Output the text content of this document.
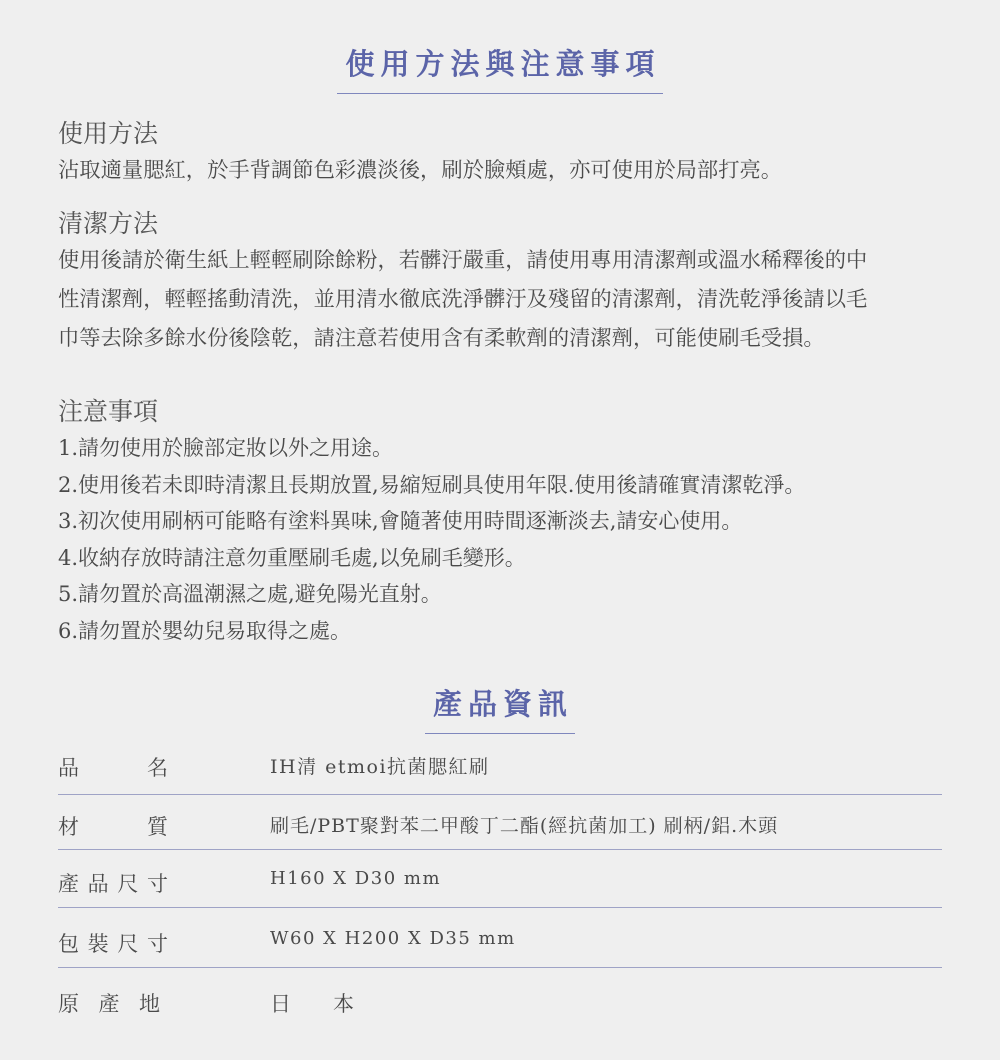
使用方法與注意事項
使用方法

沾取適量腮紅，於手背調節色彩濃淡後，刷於臉頰處，亦可使用於局部打亮。

清潔方法
使用後請於衛生紙上輕輕刷除餘粉，若髒汙嚴重，請使用專用清潔劑或溫水稀釋後的中
性清潔劑，輕輕搖動清洗，並用清水徹底洗淨髒汙及殘留的清潔劑，清洗乾淨後請以毛
巾等去除多餘水份後陰乾，請注意若使用含有柔軟劑的清潔劑，可能使刷毛受損。
注意事項
1.請勿使用於臉部定妝以外之用途。
2.使用後若未即時清潔且長期放置,易縮短刷具使用年限.使用後請確實清潔乾淨。
3.初次使用刷柄可能略有塗料異味,會隨著使用時間逐漸淡去,請安心使用。
4.收納存放時請注意勿重壓刷毛處,以免刷毛變形。
5.請勿置於高溫潮濕之處,避免陽光直射。
6.請勿置於嬰幼兒易取得之處。
產品資訊
品名	IH清 etmoi抗菌腮紅刷
材質	刷毛/PBT聚對苯二甲酸丁二酯(經抗菌加工) 刷柄/鋁.木頭
產品尺寸	H160 X D30 mm
包裝尺寸	W60 X H200 X D35 mm
原產地	日　　本
